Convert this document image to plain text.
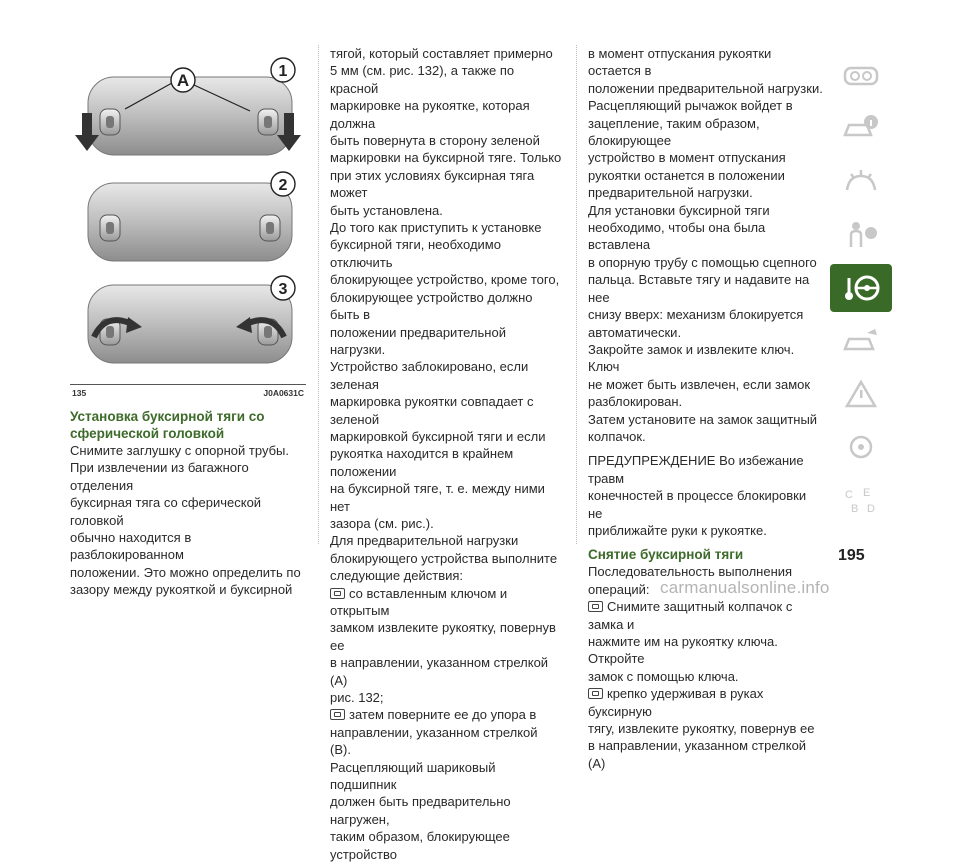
A	1
2
3
135	J0A0631C

Установка буксирной тяги со сферической головкой

Снимите заглушку с опорной трубы.

При извлечении из багажного отделения

буксирная тяга со сферической головкой

обычно находится в разблокированном

положении. Это можно определить по

зазору между рукояткой и буксирной

тягой, который составляет примерно

5 мм (см. рис. 132), а также по красной

маркировке на рукоятке, которая должна

быть повернута в сторону зеленой

маркировки на буксирной тяге. Только

при этих условиях буксирная тяга может

быть установлена.

До того как приступить к установке

буксирной тяги, необходимо отключить

блокирующее устройство, кроме того,

блокирующее устройство должно быть в

положении предварительной нагрузки.

Устройство заблокировано, если зеленая

маркировка рукоятки совпадает с зеленой

маркировкой буксирной тяги и если

рукоятка находится в крайнем положении

на буксирной тяге, т. е. между ними нет

зазора (см. рис.).

Для предварительной нагрузки

блокирующего устройства выполните

следующие действия:

со вставленным ключом и открытым

замком извлеките рукоятку, повернув ее

в направлении, указанном стрелкой (A)

рис. 132;

затем поверните ее до упора в

направлении, указанном стрелкой (B).

Расцепляющий шариковый подшипник

должен быть предварительно нагружен,

таким образом, блокирующее устройство

в момент отпускания рукоятки остается в

положении предварительной нагрузки.

Расцепляющий рычажок войдет в

зацепление, таким образом, блокирующее

устройство в момент отпускания

рукоятки останется в положении

предварительной нагрузки.

Для установки буксирной тяги

необходимо, чтобы она была вставлена

в опорную трубу с помощью сцепного

пальца. Вставьте тягу и надавите на нее

снизу вверх: механизм блокируется

автоматически.

Закройте замок и извлеките ключ. Ключ

не может быть извлечен, если замок

разблокирован.

Затем установите на замок защитный

колпачок.

ПРЕДУПРЕЖДЕНИЕ Во избежание травм

конечностей в процессе блокировки не

приближайте руки к рукоятке.

Снятие буксирной тяги

Последовательность выполнения

операций:

Снимите защитный колпачок с замка и

нажмите им на рукоятку ключа. Откройте

замок с помощью ключа.

крепко удерживая в руках буксирную

тягу, извлеките рукоятку, повернув ее

в направлении, указанном стрелкой (A)

C E
B D
195
carmanualsonline.info
